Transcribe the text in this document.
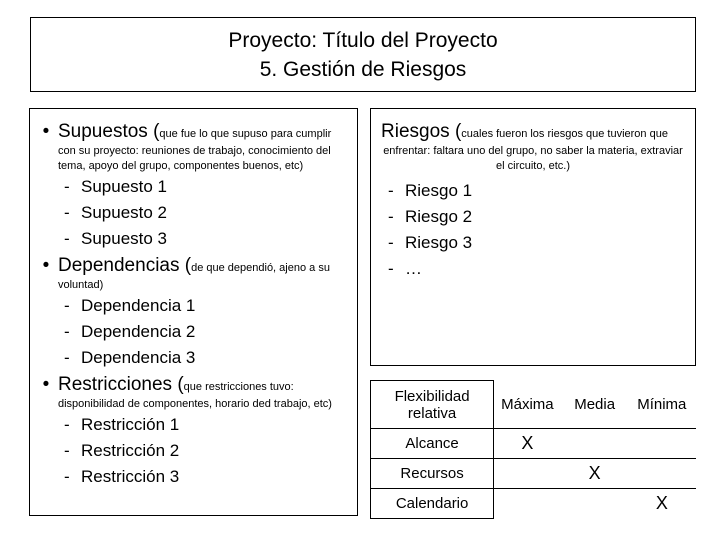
Proyecto: Título del Proyecto
5. Gestión de Riesgos
• Supuestos (que fue lo que supuso para cumplir
con su proyecto: reuniones de trabajo, conocimiento del tema, apoyo del grupo, componentes buenos, etc)
- Supuesto 1
- Supuesto 2
- Supuesto 3
• Dependencias (de que dependió, ajeno a su
voluntad)
- Dependencia 1
- Dependencia 2
- Dependencia 3
• Restricciones (que restricciones tuvo:
disponibilidad de componentes, horario ded trabajo, etc)
- Restricción 1
- Restricción 2
- Restricción 3
Riesgos (cuales fueron los riesgos que tuvieron que
enfrentar: faltara uno del grupo, no saber la materia, extraviar el circuito, etc.)
- Riesgo 1
- Riesgo 2
- Riesgo 3
- …
Flexibilidad relativa	Máxima	Media	Mínima
Alcance	X		
Recursos		X	
Calendario			X
